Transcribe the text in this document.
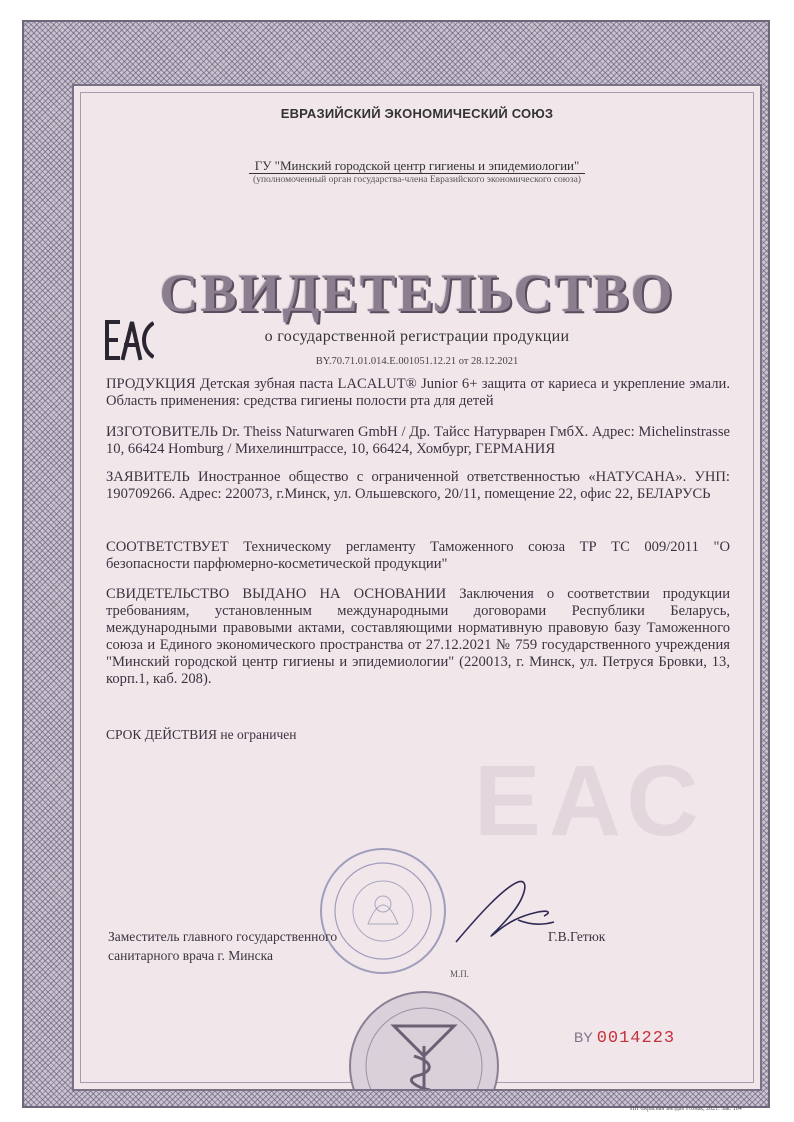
ЕВРАЗИЙСКИЙ ЭКОНОМИЧЕСКИЙ СОЮЗ
ГУ "Минский городской центр гигиены и эпидемиологии"
(уполномоченный орган государства-члена Евразийского экономического союза)
СВИДЕТЕЛЬСТВО
о государственной регистрации продукции
BY.70.71.01.014.E.001051.12.21 от 28.12.2021
ПРОДУКЦИЯ Детская зубная паста LACALUT® Junior 6+ защита от кариеса и укрепление эмали. Область применения: средства гигиены полости рта для детей
ИЗГОТОВИТЕЛЬ Dr. Theiss Naturwaren GmbH / Др. Тайсс Натурварен ГмбХ. Адрес: Michelinstrasse 10, 66424 Homburg / Михелинштрассе, 10, 66424, Хомбург, ГЕРМАНИЯ
ЗАЯВИТЕЛЬ Иностранное общество с ограниченной ответственностью «НАТУСАНА». УНП: 190709266. Адрес: 220073, г.Минск, ул. Ольшевского, 20/11, помещение 22, офис 22, БЕЛАРУСЬ
СООТВЕТСТВУЕТ Техническому регламенту Таможенного союза ТР ТС 009/2011 "О безопасности парфюмерно-косметической продукции"
СВИДЕТЕЛЬСТВО ВЫДАНО НА ОСНОВАНИИ Заключения о соответствии продукции требованиям, установленным международными договорами Республики Беларусь, международными правовыми актами, составляющими нормативную правовую базу Таможенного союза и Единого экономического пространства от 27.12.2021 № 759 государственного учреждения "Минский городской центр гигиены и эпидемиологии" (220013, г. Минск, ул. Петруся Бровки, 13, корп.1, каб. 208).
СРОК ДЕЙСТВИЯ не ограничен
ЕАС
Заместитель главного государственного
санитарного врача г. Минска
Г.В.Гетюк
М.П.
BY 0014223
ИП «Красная звезда» Гознак, 2021. Зак. 104
